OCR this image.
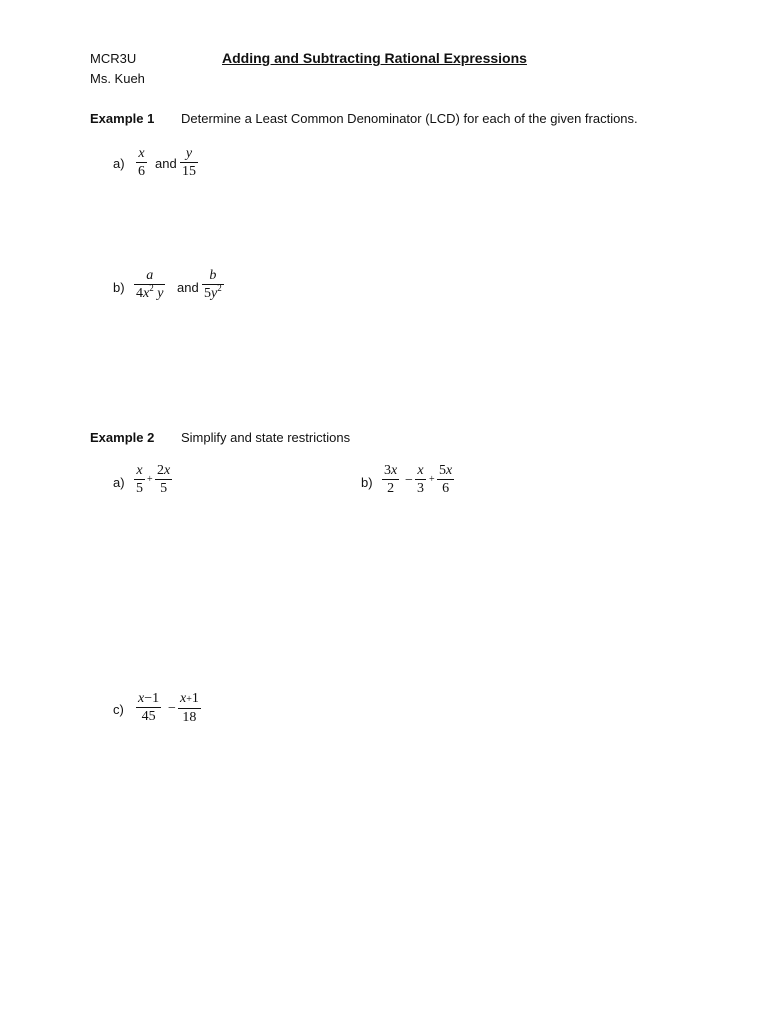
MCR3U
Ms. Kueh
Adding and Subtracting Rational Expressions
Example 1 Determine a Least Common Denominator (LCD) for each of the given fractions.
$a) \frac{x}{6}$ and $\frac{y}{15}$
$b) \frac{a}{4x^2 y}$ and $\frac{b}{5y^2}$
Example 2 Simplify and state restrictions
$a) \frac{x}{5} + \frac{2x}{5}$	$b) \frac{3x}{2} - \frac{x}{3} + \frac{5x}{6}$
$c) \frac{x-1}{45} - \frac{x+1}{18}$
